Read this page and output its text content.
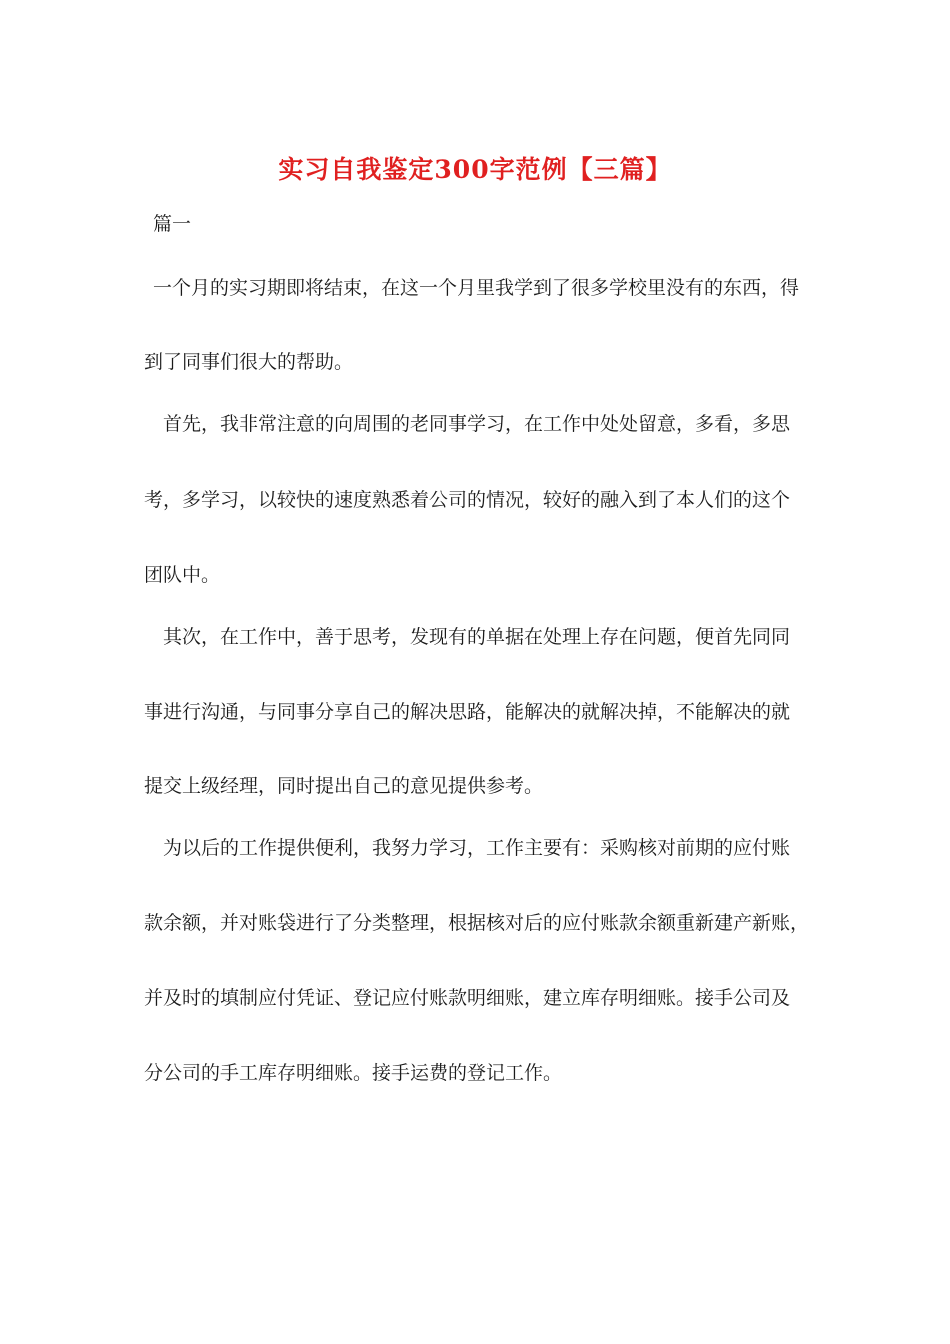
实习自我鉴定300字范例【三篇】
篇一
一个月的实习期即将结束，在这一个月里我学到了很多学校里没有的东西，得
到了同事们很大的帮助。
首先，我非常注意的向周围的老同事学习，在工作中处处留意，多看，多思
考，多学习，以较快的速度熟悉着公司的情况，较好的融入到了本人们的这个
团队中。
其次，在工作中，善于思考，发现有的单据在处理上存在问题，便首先同同
事进行沟通，与同事分享自己的解决思路，能解决的就解决掉，不能解决的就
提交上级经理，同时提出自己的意见提供参考。
为以后的工作提供便利，我努力学习，工作主要有：采购核对前期的应付账
款余额，并对账袋进行了分类整理，根据核对后的应付账款余额重新建产新账，
并及时的填制应付凭证、登记应付账款明细账，建立库存明细账。接手公司及
分公司的手工库存明细账。接手运费的登记工作。
